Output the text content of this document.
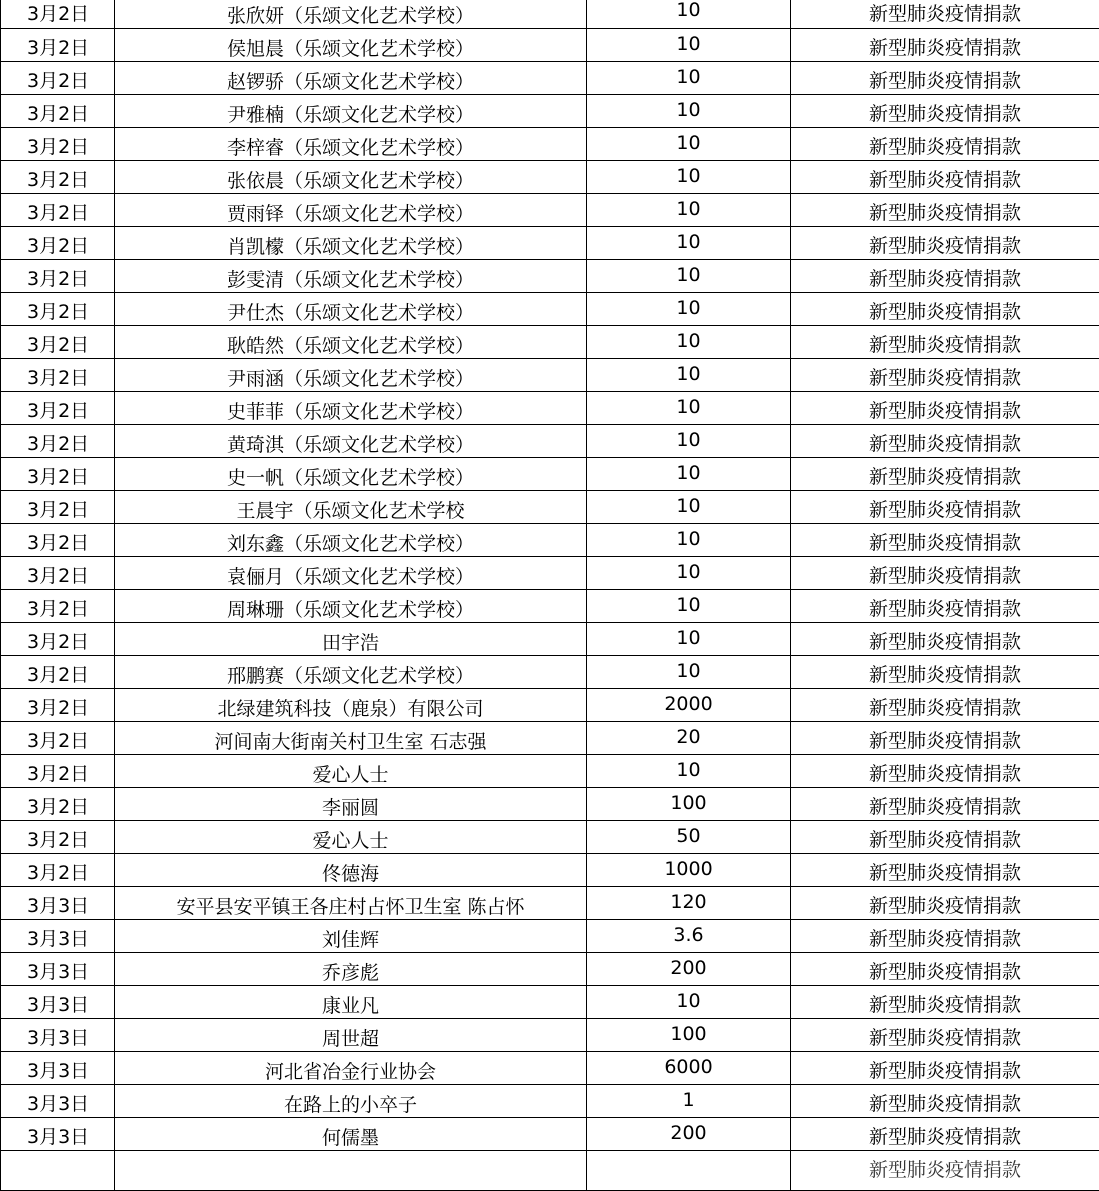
3月2日	张欣妍（乐颂文化艺术学校）	10	新型肺炎疫情捐款
3月2日	侯旭晨（乐颂文化艺术学校）	10	新型肺炎疫情捐款
3月2日	赵锣骄（乐颂文化艺术学校）	10	新型肺炎疫情捐款
3月2日	尹雅楠（乐颂文化艺术学校）	10	新型肺炎疫情捐款
3月2日	李梓睿（乐颂文化艺术学校）	10	新型肺炎疫情捐款
3月2日	张依晨（乐颂文化艺术学校）	10	新型肺炎疫情捐款
3月2日	贾雨铎（乐颂文化艺术学校）	10	新型肺炎疫情捐款
3月2日	肖凯檬（乐颂文化艺术学校）	10	新型肺炎疫情捐款
3月2日	彭雯清（乐颂文化艺术学校）	10	新型肺炎疫情捐款
3月2日	尹仕杰（乐颂文化艺术学校）	10	新型肺炎疫情捐款
3月2日	耿皓然（乐颂文化艺术学校）	10	新型肺炎疫情捐款
3月2日	尹雨涵（乐颂文化艺术学校）	10	新型肺炎疫情捐款
3月2日	史菲菲（乐颂文化艺术学校）	10	新型肺炎疫情捐款
3月2日	黄琦淇（乐颂文化艺术学校）	10	新型肺炎疫情捐款
3月2日	史一帆（乐颂文化艺术学校）	10	新型肺炎疫情捐款
3月2日	王晨宇（乐颂文化艺术学校	10	新型肺炎疫情捐款
3月2日	刘东鑫（乐颂文化艺术学校）	10	新型肺炎疫情捐款
3月2日	袁俪月（乐颂文化艺术学校）	10	新型肺炎疫情捐款
3月2日	周琳珊（乐颂文化艺术学校）	10	新型肺炎疫情捐款
3月2日	田宇浩	10	新型肺炎疫情捐款
3月2日	邢鹏赛（乐颂文化艺术学校）	10	新型肺炎疫情捐款
3月2日	北绿建筑科技（鹿泉）有限公司	2000	新型肺炎疫情捐款
3月2日	河间南大街南关村卫生室 石志强	20	新型肺炎疫情捐款
3月2日	爱心人士	10	新型肺炎疫情捐款
3月2日	李丽圆	100	新型肺炎疫情捐款
3月2日	爱心人士	50	新型肺炎疫情捐款
3月2日	佟德海	1000	新型肺炎疫情捐款
3月3日	安平县安平镇王各庄村占怀卫生室 陈占怀	120	新型肺炎疫情捐款
3月3日	刘佳辉	3.6	新型肺炎疫情捐款
3月3日	乔彦彪	200	新型肺炎疫情捐款
3月3日	康业凡	10	新型肺炎疫情捐款
3月3日	周世超	100	新型肺炎疫情捐款
3月3日	河北省冶金行业协会	6000	新型肺炎疫情捐款
3月3日	在路上的小卒子	1	新型肺炎疫情捐款
3月3日	何儒墨	200	新型肺炎疫情捐款
			新型肺炎疫情捐款
